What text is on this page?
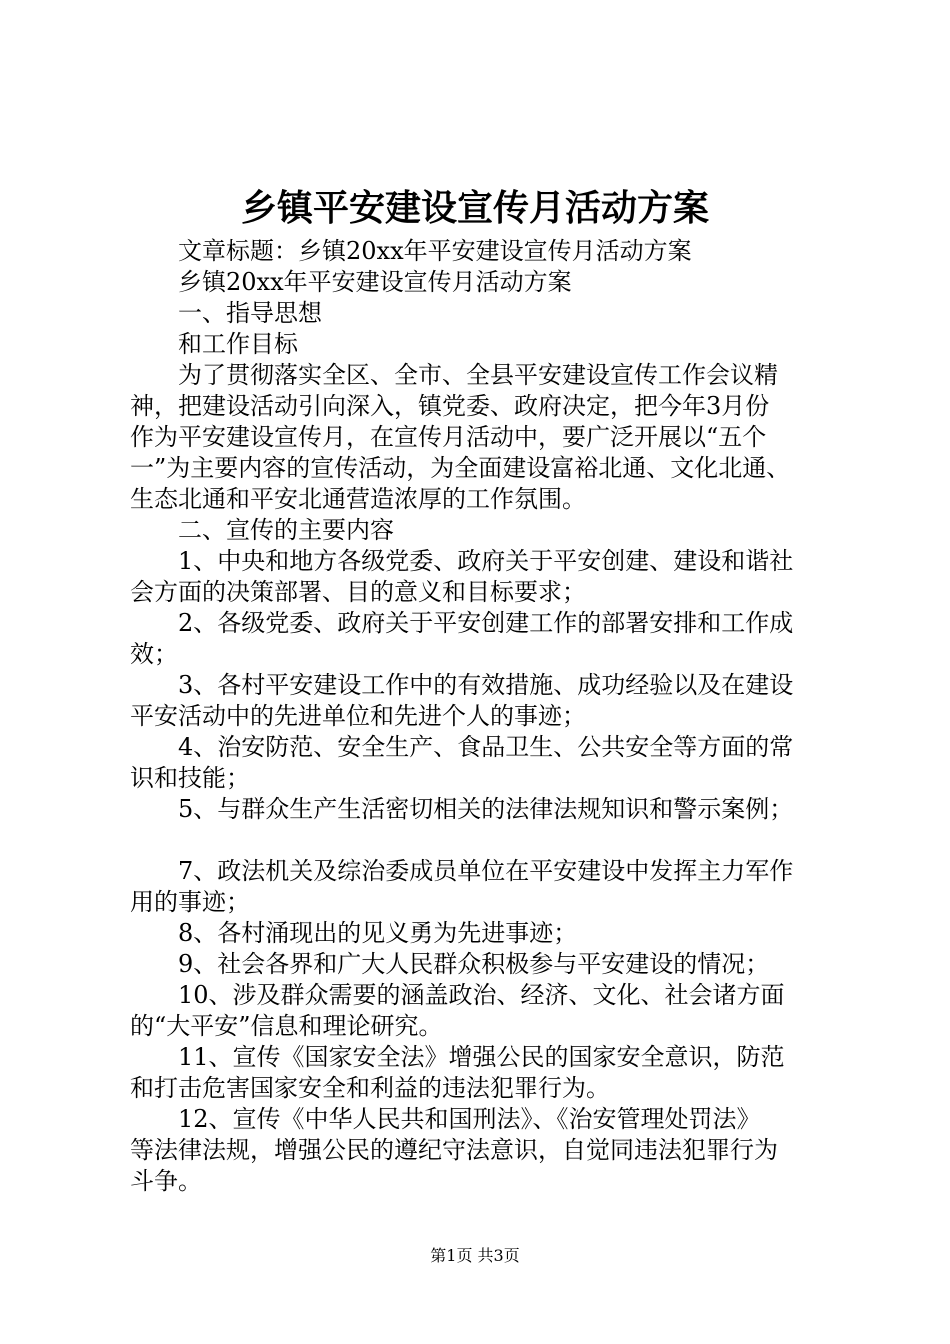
乡镇平安建设宣传月活动方案
文章标题：乡镇20xx年平安建设宣传月活动方案
乡镇20xx年平安建设宣传月活动方案
一、指导思想
和工作目标
为了贯彻落实全区、全市、全县平安建设宣传工作会议精
神，把建设活动引向深入，镇党委、政府决定，把今年3月份
作为平安建设宣传月，在宣传月活动中，要广泛开展以“五个
一”为主要内容的宣传活动，为全面建设富裕北通、文化北通、
生态北通和平安北通营造浓厚的工作氛围。
二、宣传的主要内容
1、中央和地方各级党委、政府关于平安创建、建设和谐社
会方面的决策部署、目的意义和目标要求；
2、各级党委、政府关于平安创建工作的部署安排和工作成
效；
3、各村平安建设工作中的有效措施、成功经验以及在建设
平安活动中的先进单位和先进个人的事迹；
4、治安防范、安全生产、食品卫生、公共安全等方面的常
识和技能；
5、与群众生产生活密切相关的法律法规知识和警示案例；
7、政法机关及综治委成员单位在平安建设中发挥主力军作
用的事迹；
8、各村涌现出的见义勇为先进事迹；
9、社会各界和广大人民群众积极参与平安建设的情况；
10、涉及群众需要的涵盖政治、经济、文化、社会诸方面
的“大平安”信息和理论研究。
11、宣传《国家安全法》增强公民的国家安全意识，防范
和打击危害国家安全和利益的违法犯罪行为。
12、宣传《中华人民共和国刑法》、《治安管理处罚法》
等法律法规，增强公民的遵纪守法意识，自觉同违法犯罪行为
斗争。
第1页 共3页
